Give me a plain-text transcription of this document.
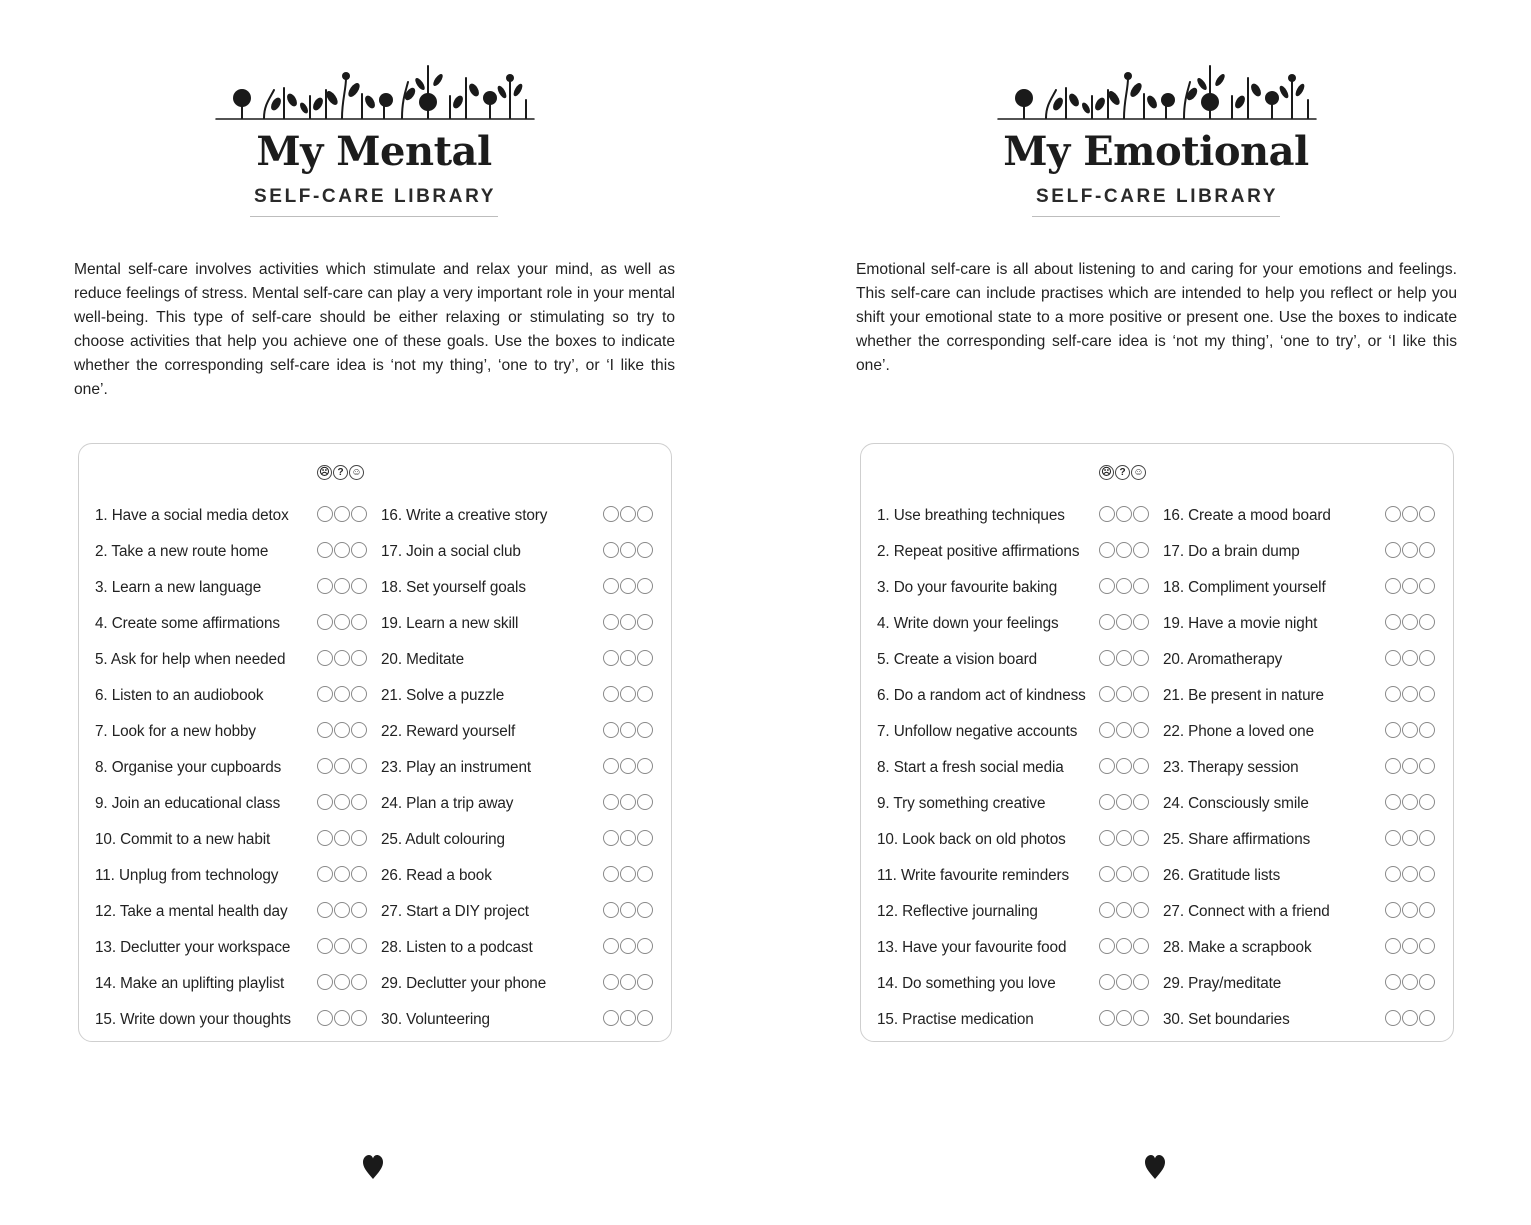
My Mental
SELF-CARE LIBRARY

Mental self-care involves activities which stimulate and relax your mind, as well as reduce feelings of stress. Mental self-care can play a very important role in your mental well-being. This type of self-care should be either relaxing or stimulating so try to choose activities that help you achieve one of these goals. Use the boxes to indicate whether the corresponding self-care idea is ‘not my thing’, ‘one to try’, or ‘I like this one’.

☹ ? ☺
1. Have a social media detox
2. Take a new route home
3. Learn a new language
4. Create some affirmations
5. Ask for help when needed
6. Listen to an audiobook
7. Look for a new hobby
8. Organise your cupboards
9. Join an educational class
10. Commit to a new habit
11. Unplug from technology
12. Take a mental health day
13. Declutter your workspace
14. Make an uplifting playlist
15. Write down your thoughts
16. Write a creative story
17. Join a social club
18. Set yourself goals
19. Learn a new skill
20. Meditate
21. Solve a puzzle
22. Reward yourself
23. Play an instrument
24. Plan a trip away
25. Adult colouring
26. Read a book
27. Start a DIY project
28. Listen to a podcast
29. Declutter your phone
30. Volunteering
My Emotional
SELF-CARE LIBRARY

Emotional self-care is all about listening to and caring for your emotions and feelings. This self-care can include practises which are intended to help you reflect or help you shift your emotional state to a more positive or present one. Use the boxes to indicate whether the corresponding self-care idea is ‘not my thing’, ‘one to try’, or ‘I like this one’.

☹ ? ☺
1. Use breathing techniques
2. Repeat positive affirmations
3. Do your favourite baking
4. Write down your feelings
5. Create a vision board
6. Do a random act of kindness
7. Unfollow negative accounts
8. Start a fresh social media
9. Try something creative
10. Look back on old photos
11. Write favourite reminders
12. Reflective journaling
13. Have your favourite food
14. Do something you love
15. Practise medication
16. Create a mood board
17. Do a brain dump
18. Compliment yourself
19. Have a movie night
20. Aromatherapy
21. Be present in nature
22. Phone a loved one
23. Therapy session
24. Consciously smile
25. Share affirmations
26. Gratitude lists
27. Connect with a friend
28. Make a scrapbook
29. Pray/meditate
30. Set boundaries
